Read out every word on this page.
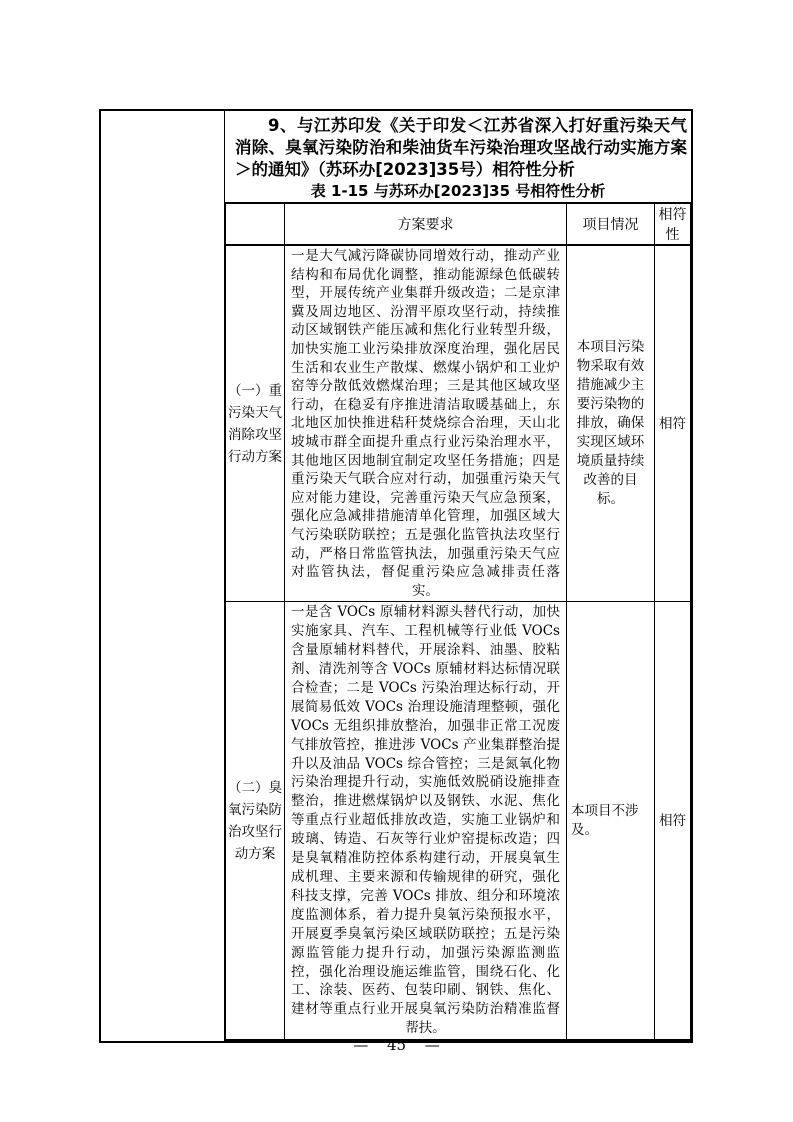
9、与江苏印发《关于印发＜江苏省深入打好重污染天气消除、臭氧污染防治和柴油货车污染治理攻坚战行动实施方案＞的通知》（苏环办[2023]35号）相符性分析
表 1-15 与苏环办[2023]35 号相符性分析
	方案要求	项目情况	相符性
（一）重污染天气消除攻坚行动方案	一是大气减污降碳协同增效行动，推动产业结构和布局优化调整，推动能源绿色低碳转型，开展传统产业集群升级改造；二是京津冀及周边地区、汾渭平原攻坚行动，持续推动区域钢铁产能压减和焦化行业转型升级，加快实施工业污染排放深度治理，强化居民生活和农业生产散煤、燃煤小锅炉和工业炉窑等分散低效燃煤治理；三是其他区域攻坚行动，在稳妥有序推进清洁取暖基础上，东北地区加快推进秸秆焚烧综合治理，天山北坡城市群全面提升重点行业污染治理水平，其他地区因地制宜制定攻坚任务措施；四是重污染天气联合应对行动，加强重污染天气应对能力建设，完善重污染天气应急预案，强化应急减排措施清单化管理，加强区域大气污染联防联控；五是强化监管执法攻坚行动，严格日常监管执法，加强重污染天气应对监管执法，督促重污染应急减排责任落实。	本项目污染物采取有效措施减少主要污染物的排放，确保实现区域环境质量持续改善的目标。	相符
（二）臭氧污染防治攻坚行动方案	一是含 VOCs 原辅材料源头替代行动，加快实施家具、汽车、工程机械等行业低 VOCs 含量原辅材料替代，开展涂料、油墨、胶粘剂、清洗剂等含 VOCs 原辅材料达标情况联合检查；二是 VOCs 污染治理达标行动，开展简易低效 VOCs 治理设施清理整顿，强化 VOCs 无组织排放整治，加强非正常工况废气排放管控，推进涉 VOCs 产业集群整治提升以及油品 VOCs 综合管控；三是氮氧化物污染治理提升行动，实施低效脱硝设施排查整治，推进燃煤锅炉以及钢铁、水泥、焦化等重点行业超低排放改造，实施工业锅炉和玻璃、铸造、石灰等行业炉窑提标改造；四是臭氧精准防控体系构建行动，开展臭氧生成机理、主要来源和传输规律的研究，强化科技支撑，完善 VOCs 排放、组分和环境浓度监测体系，着力提升臭氧污染预报水平，开展夏季臭氧污染区域联防联控；五是污染源监管能力提升行动，加强污染源监测监控，强化治理设施运维监管，围绕石化、化工、涂装、医药、包装印刷、钢铁、焦化、建材等重点行业开展臭氧污染防治精准监督帮扶。	本项目不涉及。	相符
— 45 —
